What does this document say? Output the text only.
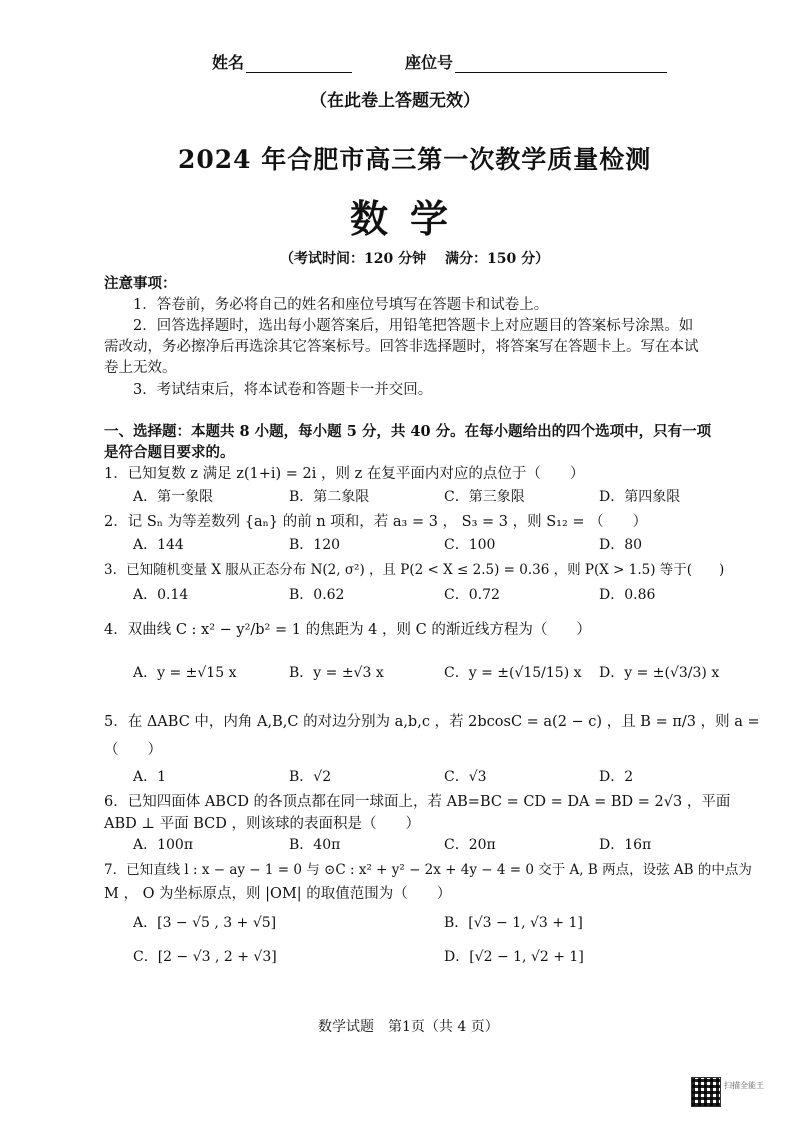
姓名	座位号
（在此卷上答题无效）
2024 年合肥市高三第一次教学质量检测
数学
（考试时间：120 分钟　 满分：150 分）
注意事项：
1．答卷前，务必将自己的姓名和座位号填写在答题卡和试卷上。
2．回答选择题时，选出每小题答案后，用铅笔把答题卡上对应题目的答案标号涂黑。如
需改动，务必擦净后再选涂其它答案标号。回答非选择题时，将答案写在答题卡上。写在本试
卷上无效。
3．考试结束后，将本试卷和答题卡一并交回。
一、选择题：本题共 8 小题，每小题 5 分，共 40 分。在每小题给出的四个选项中，只有一项
是符合题目要求的。
1．已知复数 z 满足 z(1+i) = 2i ，则 z 在复平面内对应的点位于（　　）
A．第一象限	B．第二象限	C．第三象限	D．第四象限
2．记 Sₙ 为等差数列 {aₙ} 的前 n 项和，若 a₃ = 3 ， S₃ = 3 ，则 S₁₂ = （　　）
A．144	B．120	C．100	D．80
3．已知随机变量 X 服从正态分布 N(2, σ²) ，且 P(2 < X ≤ 2.5) = 0.36 ，则 P(X > 1.5) 等于(　　)
A．0.14	B．0.62	C．0.72	D．0.86
4．双曲线 C : x² − y²/b² = 1 的焦距为 4 ，则 C 的渐近线方程为（　　）
A．y = ±√15 x	B．y = ±√3 x	C．y = ±(√15/15) x D．y = ±(√3/3) x
5．在 ΔABC 中，内角 A,B,C 的对边分别为 a,b,c ，若 2bcosC = a(2 − c) ，且 B = π/3 ，则 a =
（　　）
A．1	B．√2	C．√3	D．2
6．已知四面体 ABCD 的各顶点都在同一球面上，若 AB=BC = CD = DA = BD = 2√3 ，平面
ABD ⊥ 平面 BCD ，则该球的表面积是（　　）
A．100π	B．40π	C．20π	D．16π
7．已知直线 l : x − ay − 1 = 0 与 ⊙C : x² + y² − 2x + 4y − 4 = 0 交于 A, B 两点，设弦 AB 的中点为
M ， O 为坐标原点，则 |OM| 的取值范围为（　　）
A．[3 − √5 , 3 + √5]	B．[√3 − 1, √3 + 1]
C．[2 − √3 , 2 + √3]	D．[√2 − 1, √2 + 1]
数学试题　第1页（共 4 页）
扫描全能王
